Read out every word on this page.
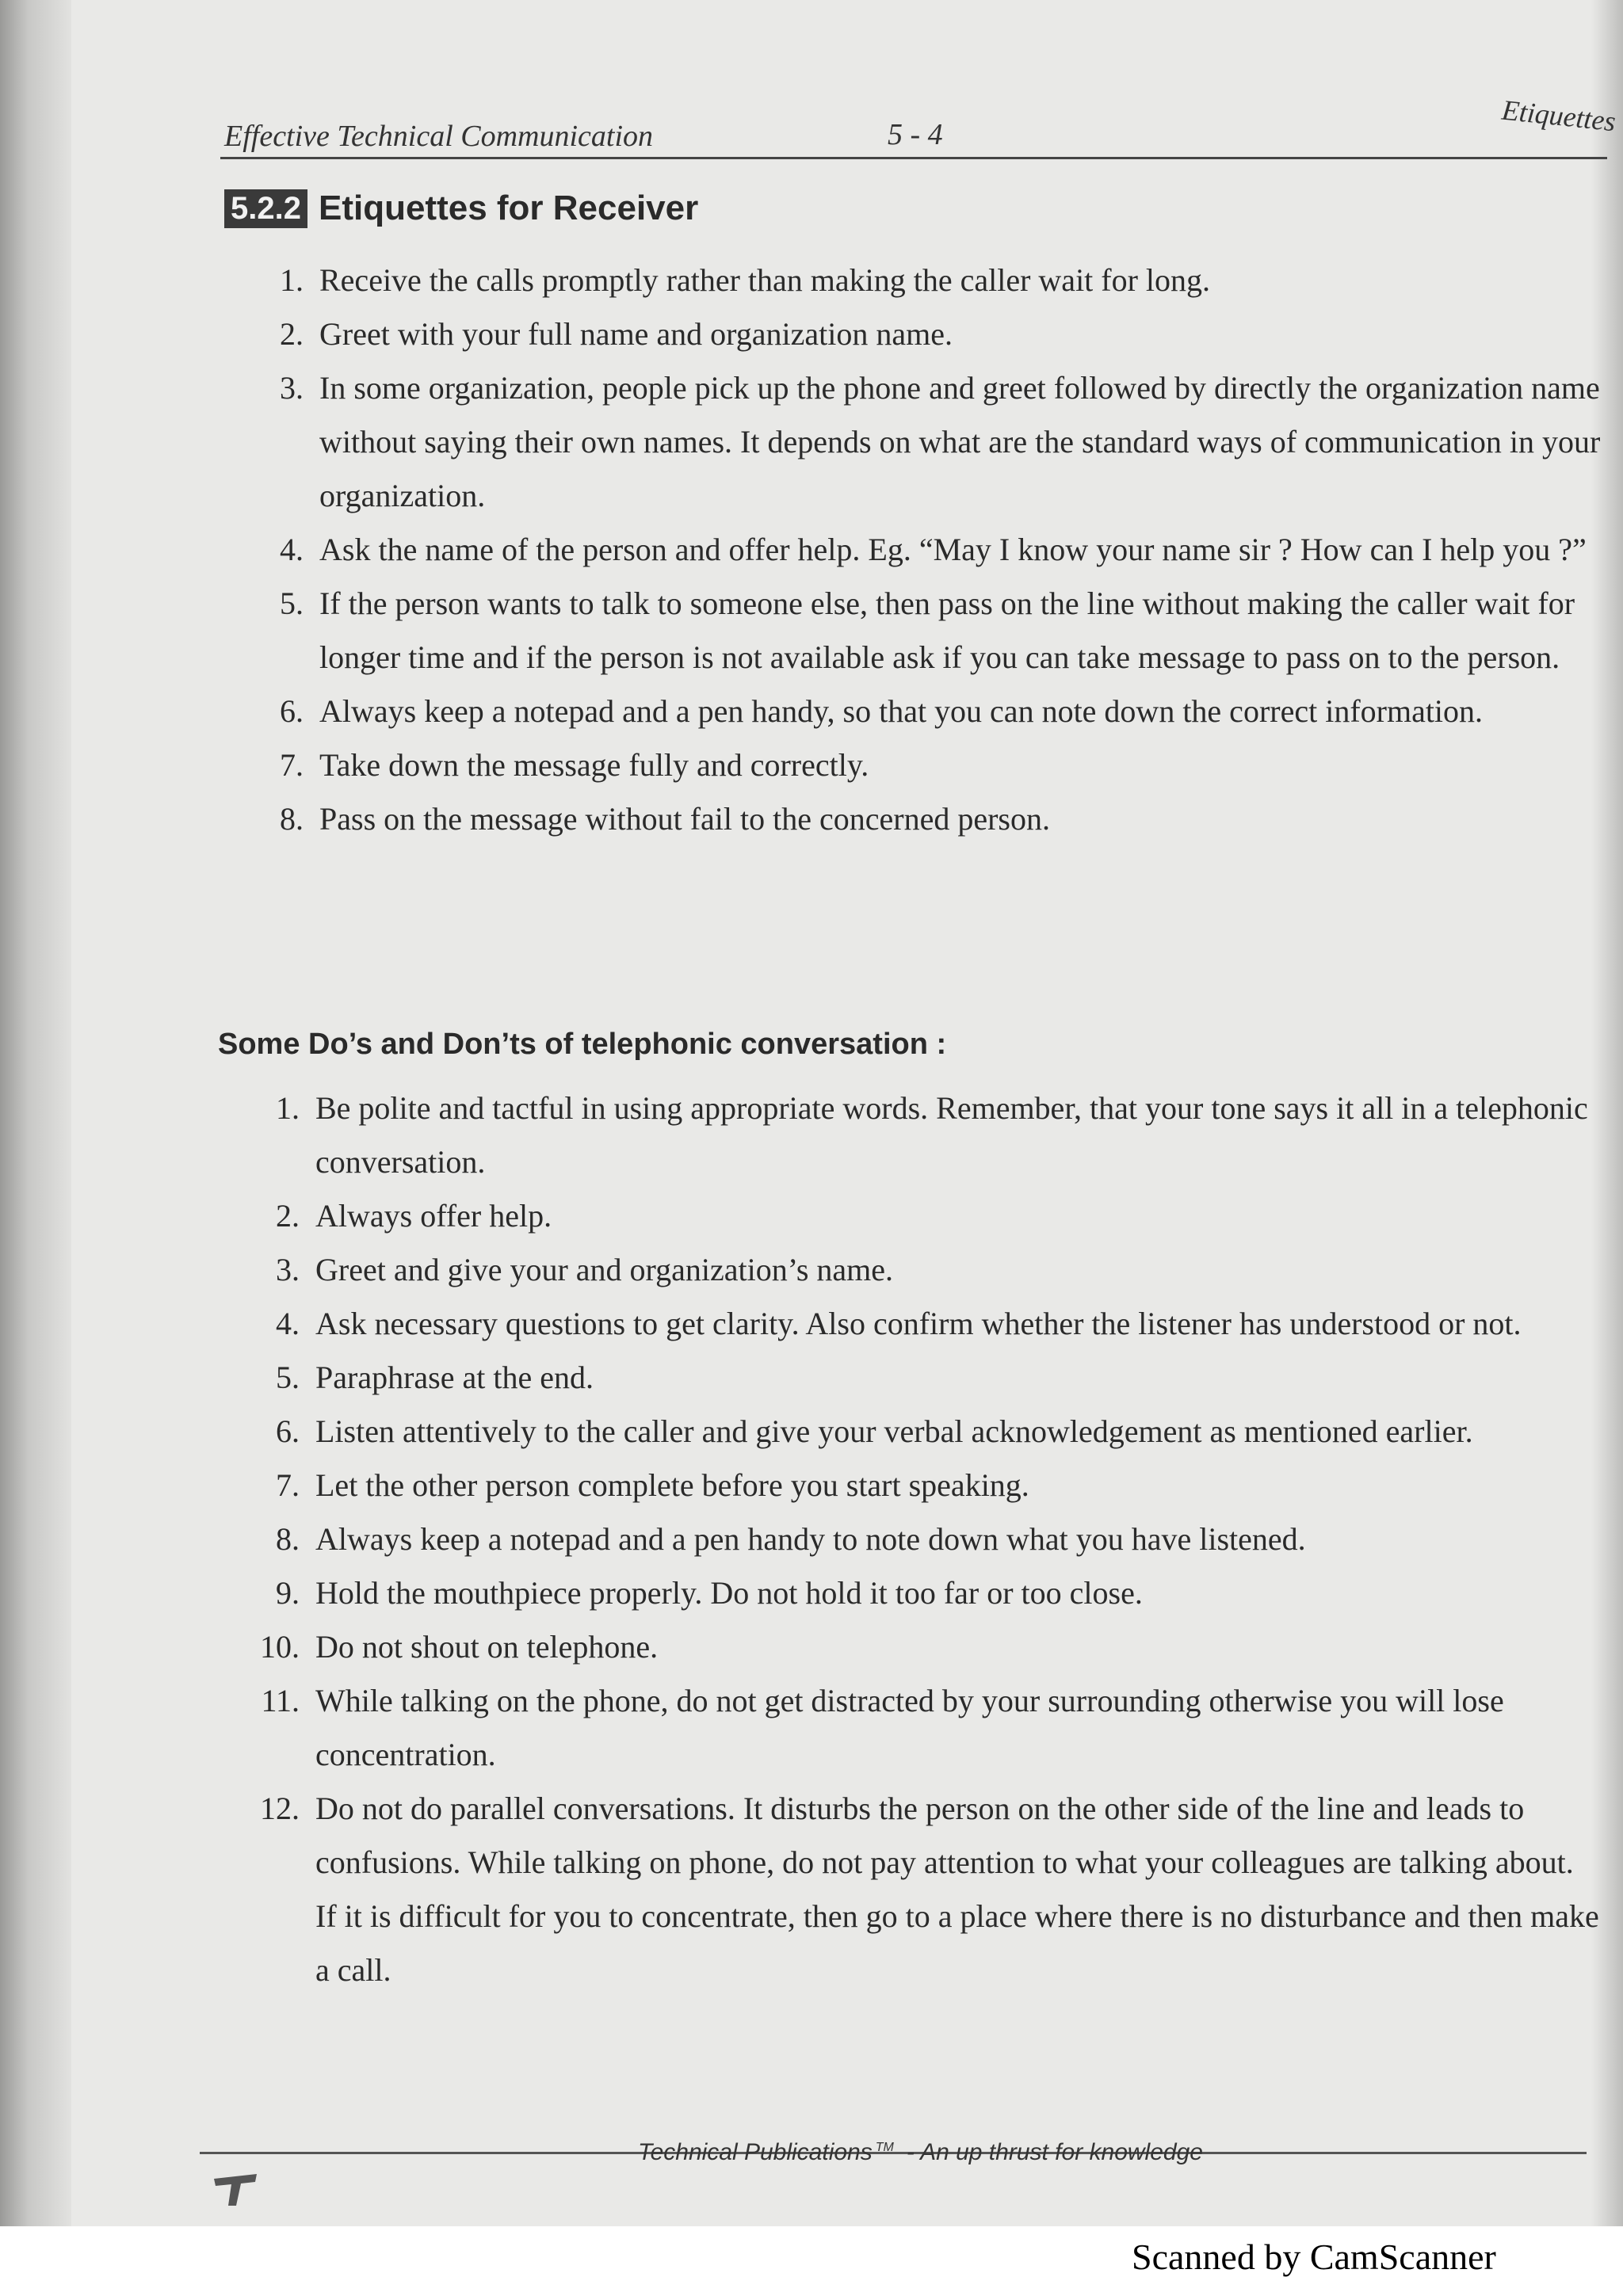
Effective Technical Communication	5 - 4	Etiquettes
5.2.2 Etiquettes for Receiver
1. Receive the calls promptly rather than making the caller wait for long.
2. Greet with your full name and organization name.
3. In some organization, people pick up the phone and greet followed by directly the organization name without saying their own names. It depends on what are the standard ways of communication in your organization.
4. Ask the name of the person and offer help. Eg. “May I know your name sir ? How can I help you ?”
5. If the person wants to talk to someone else, then pass on the line without making the caller wait for longer time and if the person is not available ask if you can take message to pass on to the person.
6. Always keep a notepad and a pen handy, so that you can note down the correct information.
7. Take down the message fully and correctly.
8. Pass on the message without fail to the concerned person.
Some Do’s and Don’ts of telephonic conversation :
1. Be polite and tactful in using appropriate words. Remember, that your tone says it all in a telephonic conversation.
2. Always offer help.
3. Greet and give your and organization’s name.
4. Ask necessary questions to get clarity. Also confirm whether the listener has understood or not.
5. Paraphrase at the end.
6. Listen attentively to the caller and give your verbal acknowledgement as mentioned earlier.
7. Let the other person complete before you start speaking.
8. Always keep a notepad and a pen handy to note down what you have listened.
9. Hold the mouthpiece properly. Do not hold it too far or too close.
10. Do not shout on telephone.
11. While talking on the phone, do not get distracted by your surrounding otherwise you will lose concentration.
12. Do not do parallel conversations. It disturbs the person on the other side of the line and leads to confusions. While talking on phone, do not pay attention to what your colleagues are talking about. If it is difficult for you to concentrate, then go to a place where there is no disturbance and then make a call.
Technical Publications ™ - An up thrust for knowledge
Scanned by CamScanner
